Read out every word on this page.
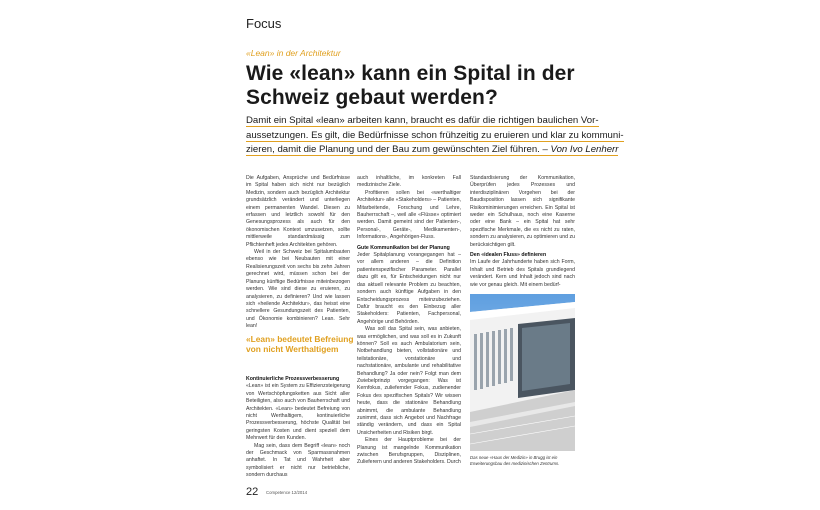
Focus
«Lean» in der Architektur
Wie «lean» kann ein Spital in der
Schweiz gebaut werden?
Damit ein Spital «lean» arbeiten kann, braucht es dafür die richtigen baulichen Vor-
aussetzungen. Es gilt, die Bedürfnisse schon frühzeitig zu eruieren und klar zu kommuni-
zieren, damit die Planung und der Bau zum gewünschten Ziel führen. – Von Ivo Lenherr

Die Aufgaben, Ansprüche und Bedürfnisse im Spital haben sich nicht nur bezüglich Medizin, sondern auch bezüglich Architektur grundsätzlich verändert und unterliegen einem permanenten Wandel. Diesen zu erfassen und letztlich sowohl für den Genesungsprozess als auch für den ökonomischen Kontext umzusetzen, sollte mittlerweile standardmässig zum Pflichtenheft jedes Architekten gehören.

Weil in der Schweiz bei Spitalumbauten ebenso wie bei Neubauten mit einer Realisierungszeit von sechs bis zehn Jahren gerechnet wird, müssen schon bei der Planung künftige Bedürfnisse miteinbezogen werden. Wie sind diese zu eruieren, zu analysieren, zu definieren? Und wie lassen sich «heilende Architektur», das heisst eine schnellere Gesundungszeit des Patienten, und Ökonomie kombinieren? Lean. Sehr lean!

«Lean» bedeutet Befreiung von nicht Werthaltigem

Kontinuierliche Prozessverbesserung

«Lean» ist ein System zu Effizienzsteigerung von Wertschöpfungsketten aus Sicht aller Beteiligten, also auch von Bauherrschaft und Architekten. «Lean» bedeutet Befreiung von nicht Werthaltigem, kontinuierliche Prozessverbesserung, höchste Qualität bei geringsten Kosten und dient speziell dem Mehrwert für den Kunden.

Mag sein, dass dem Begriff «lean» noch der Geschmack von Sparmassnahmen anhaftet. In Tat und Wahrheit aber symbolisiert er nicht nur betriebliche, sondern durchaus

auch inhaltliche, im konkreten Fall medizinische Ziele.

Profitieren sollen bei «werthaltiger Architektur» alle «Stakeholders» – Patienten, Mitarbeitende, Forschung und Lehre, Bauherrschaft –, weil alle «Flüsse» optimiert werden. Damit gemeint sind der Patienten-, Personal-, Geräte-, Medikamenten-, Informations-, Angehörigen-Fluss.

Gute Kommunikation bei der Planung

Jeder Spitalplanung vorangegangen hat – vor allem anderen – die Definition patientenspezifischer Parameter. Parallel dazu gilt es, für Entscheidungen nicht nur das aktuell relevante Problem zu beachten, sondern auch künftige Aufgaben in den Entscheidungsprozess miteinzubeziehen. Dafür braucht es den Einbezug aller Stakeholders: Patienten, Fachpersonal, Angehörige und Behörden.

Was soll das Spital sein, was anbieten, was ermöglichen, und was soll es in Zukunft können? Soll es auch Ambulatorium sein, Notbehandlung bieten, vollstationäre und teilstationäre, vorstationäre und nachstationäre, ambulante und rehabilitative Behandlung? Ja oder nein? Folgt man dem Zwiebelprinzip vorgegangen: Was ist Kernfokus, zuliefernder Fokus, zudienender Fokus des spezifischen Spitals? Wir wissen heute, dass die stationäre Behandlung abnimmt, die ambulante Behandlung zunimmt, dass sich Angebot und Nachfrage ständig verändern, und dass ein Spital Unsicherheiten und Risiken birgt.

Eines der Hauptprobleme bei der Planung ist mangelnde Kommunikation zwischen Berufsgruppen, Disziplinen, Zulieferern und anderen Stakeholders. Durch

Standardisierung der Kommunikation, Überprüfen jedes Prozesses und interdisziplinären Vorgehen bei der Baudisposition lassen sich signifikante Risikominimierungen erreichen. Ein Spital ist weder ein Schulhaus, noch eine Kaserne oder eine Bank – ein Spital hat sehr spezifische Merkmale, die es nicht zu raten, sondern zu analysieren, zu optimieren und zu berücksichtigen gilt.

Den «idealen Fluss» definieren

Im Laufe der Jahrhunderte haben sich Form, Inhalt und Betrieb des Spitals grundlegend verändert. Kern und Inhalt jedoch sind nach wie vor genau gleich. Mit einem bedürf-

Das neue «Haus der Medizin» in Brugg ist ein Erweiterungsbau des medizinischen Zentrums.
22 Competence 12/2014
